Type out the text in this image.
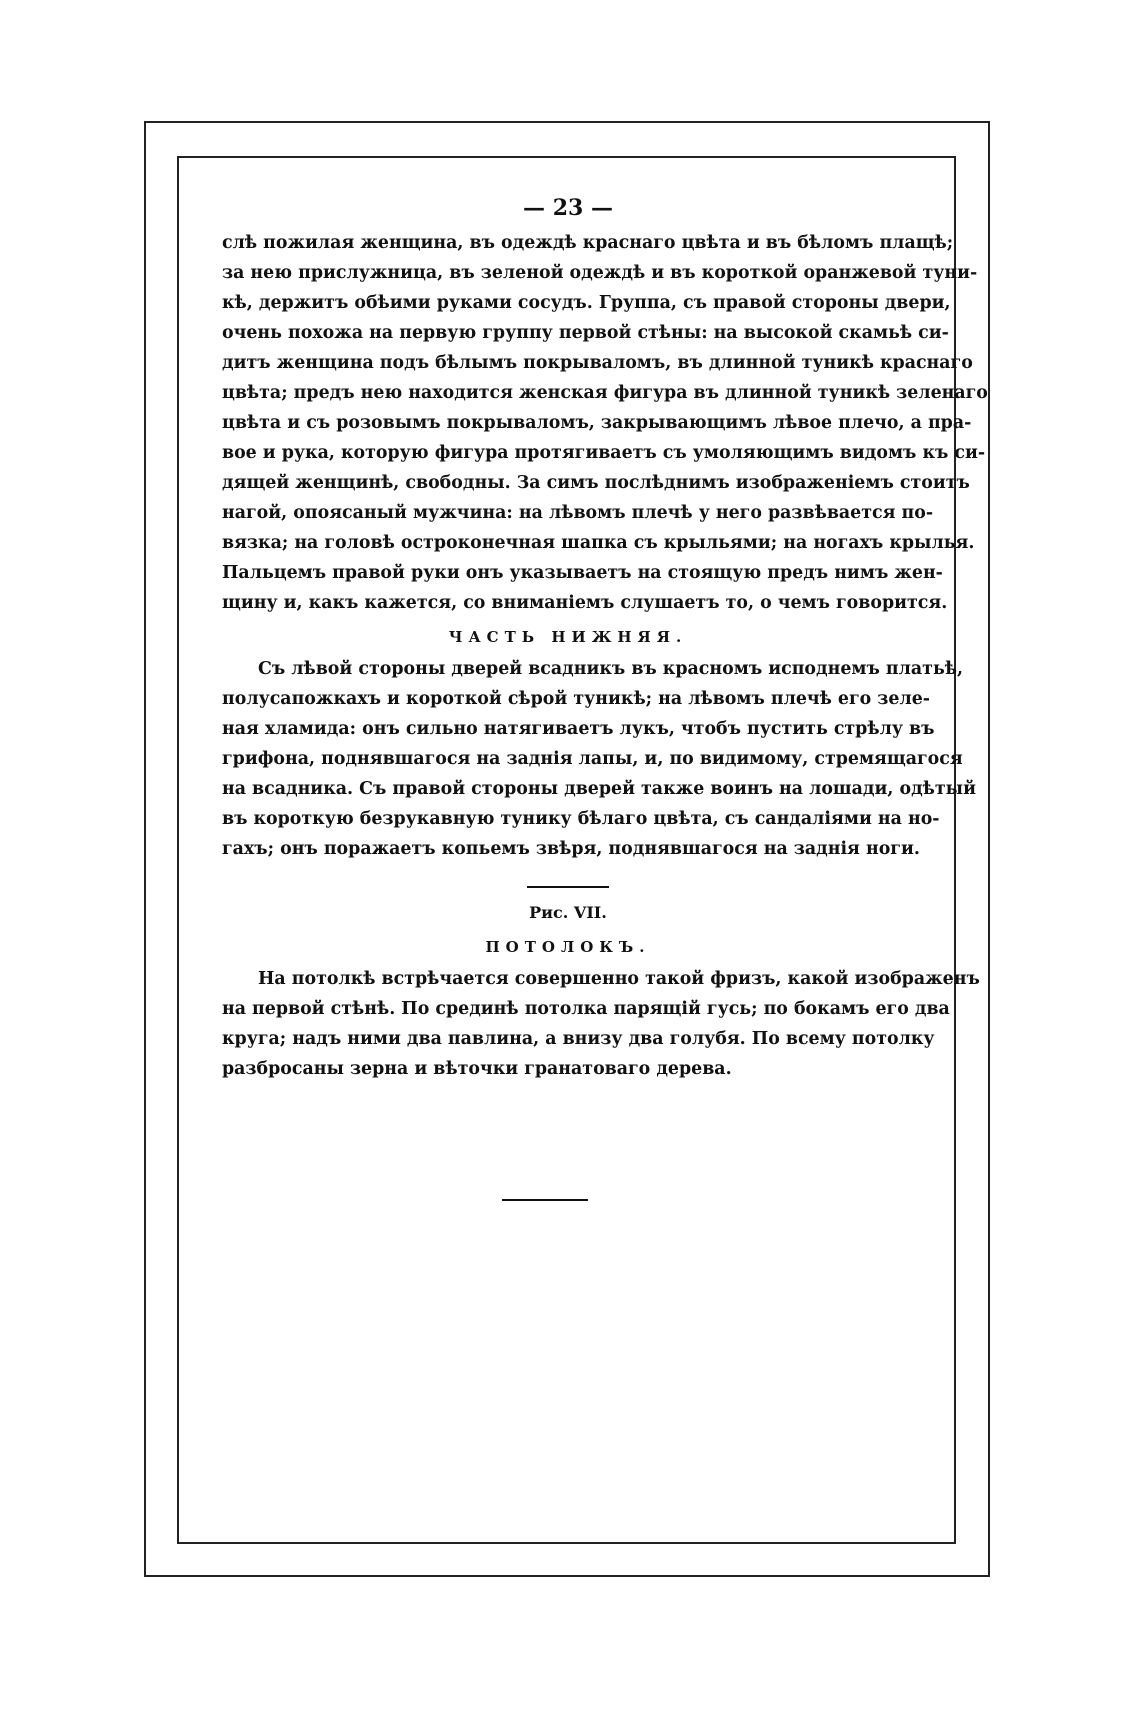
— 23 —
слѣ пожилая женщина, въ одеждѣ краснаго цвѣта и въ бѣломъ плащѣ;
за нею прислужница, въ зеленой одеждѣ и въ короткой оранжевой туни-
кѣ, держитъ обѣими руками сосудъ. Группа, съ правой стороны двери,
очень похожа на первую группу первой стѣны: на высокой скамьѣ си-
дитъ женщина подъ бѣлымъ покрываломъ, въ длинной туникѣ краснаго
цвѣта; предъ нею находится женская фигура въ длинной туникѣ зеленаго
цвѣта и съ розовымъ покрываломъ, закрывающимъ лѣвое плечо, а пра-
вое и рука, которую фигура протягиваетъ съ умоляющимъ видомъ къ си-
дящей женщинѣ, свободны. За симъ послѣднимъ изображеніемъ стоитъ
нагой, опоясаный мужчина: на лѣвомъ плечѣ у него развѣвается по-
вязка; на головѣ остроконечная шапка съ крыльями; на ногахъ крылья.
Пальцемъ правой руки онъ указываетъ на стоящую предъ нимъ жен-
щину и, какъ кажется, со вниманіемъ слушаетъ то, о чемъ говорится.
ЧАСТЬ НИЖНЯЯ.
Съ лѣвой стороны дверей всадникъ въ красномъ исподнемъ платьѣ,
полусапожкахъ и короткой сѣрой туникѣ; на лѣвомъ плечѣ его зеле-
ная хламида: онъ сильно натягиваетъ лукъ, чтобъ пустить стрѣлу въ
грифона, поднявшагося на заднія лапы, и, по видимому, стремящагося
на всадника. Съ правой стороны дверей также воинъ на лошади, одѣтый
въ короткую безрукавную тунику бѣлаго цвѣта, съ сандаліями на но-
гахъ; онъ поражаетъ копьемъ звѣря, поднявшагося на заднія ноги.
Рис. VII.
ПОТОЛОКЪ.
На потолкѣ встрѣчается совершенно такой фризъ, какой изображенъ
на первой стѣнѣ. По срединѣ потолка парящій гусь; по бокамъ его два
круга; надъ ними два павлина, а внизу два голубя. По всему потолку
разбросаны зерна и вѣточки гранатоваго дерева.
